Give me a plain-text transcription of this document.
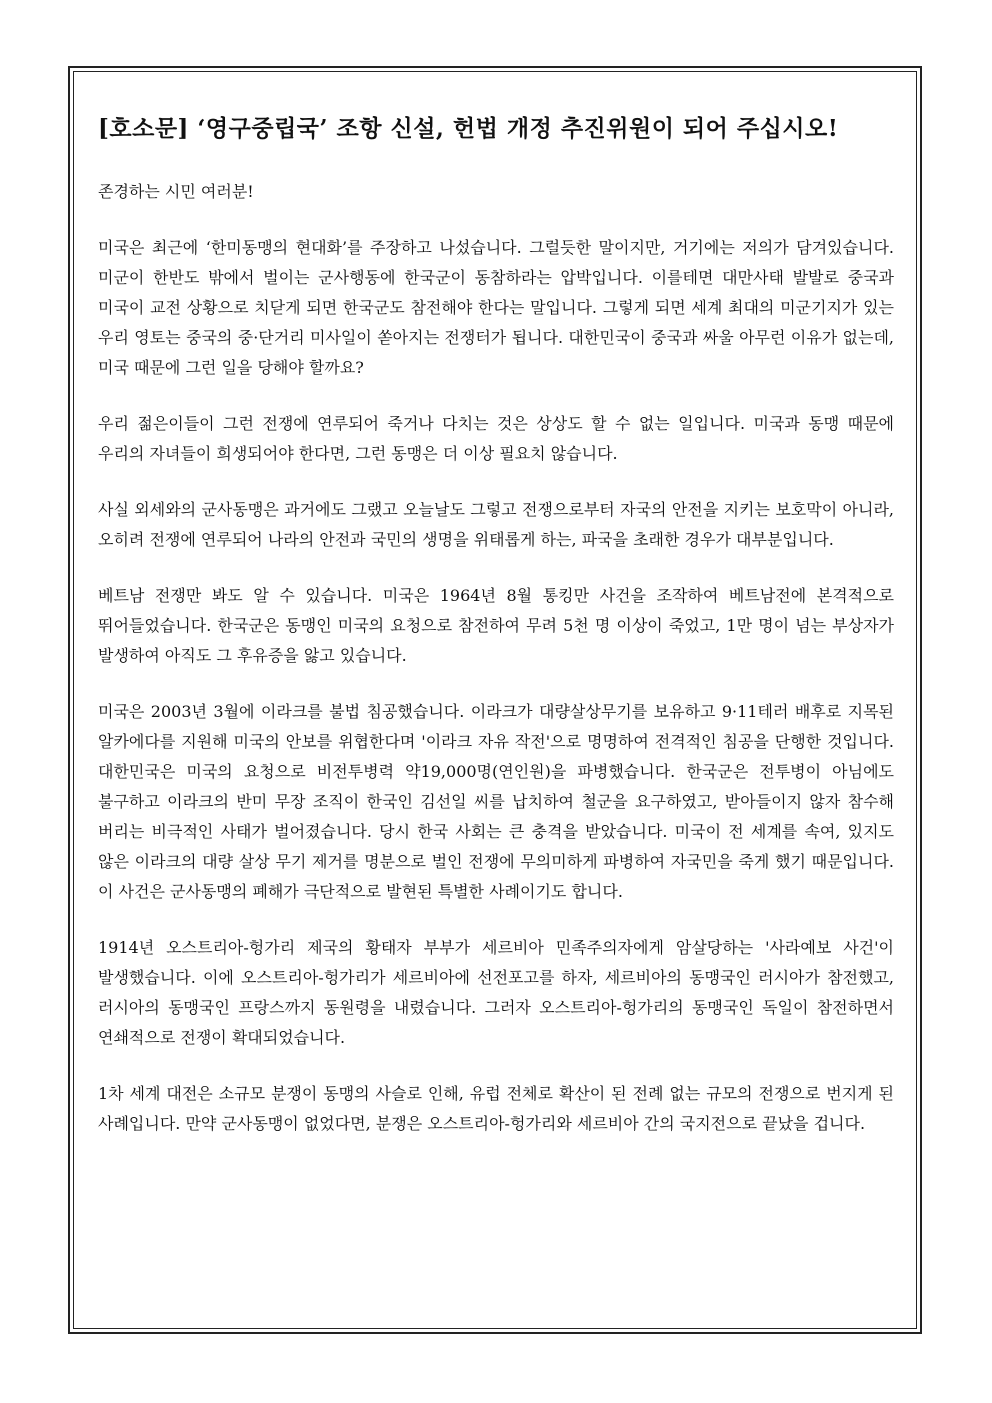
[호소문] ‘영구중립국’ 조항 신설, 헌법 개정 추진위원이 되어 주십시오!

존경하는 시민 여러분!

미국은 최근에 ‘한미동맹의 현대화’를 주장하고 나섰습니다. 그럴듯한 말이지만, 거기에는 저의가 담겨있습니다. 미군이 한반도 밖에서 벌이는 군사행동에 한국군이 동참하라는 압박입니다. 이를테면 대만사태 발발로 중국과 미국이 교전 상황으로 치닫게 되면 한국군도 참전해야 한다는 말입니다. 그렇게 되면 세계 최대의 미군기지가 있는 우리 영토는 중국의 중·단거리 미사일이 쏟아지는 전쟁터가 됩니다. 대한민국이 중국과 싸울 아무런 이유가 없는데, 미국 때문에 그런 일을 당해야 할까요?

우리 젊은이들이 그런 전쟁에 연루되어 죽거나 다치는 것은 상상도 할 수 없는 일입니다. 미국과 동맹 때문에 우리의 자녀들이 희생되어야 한다면, 그런 동맹은 더 이상 필요치 않습니다.

사실 외세와의 군사동맹은 과거에도 그랬고 오늘날도 그렇고 전쟁으로부터 자국의 안전을 지키는 보호막이 아니라, 오히려 전쟁에 연루되어 나라의 안전과 국민의 생명을 위태롭게 하는, 파국을 초래한 경우가 대부분입니다.

베트남 전쟁만 봐도 알 수 있습니다. 미국은 1964년 8월 통킹만 사건을 조작하여 베트남전에 본격적으로 뛰어들었습니다. 한국군은 동맹인 미국의 요청으로 참전하여 무려 5천 명 이상이 죽었고, 1만 명이 넘는 부상자가 발생하여 아직도 그 후유증을 앓고 있습니다.

미국은 2003년 3월에 이라크를 불법 침공했습니다. 이라크가 대량살상무기를 보유하고 9·11테러 배후로 지목된 알카에다를 지원해 미국의 안보를 위협한다며 '이라크 자유 작전'으로 명명하여 전격적인 침공을 단행한 것입니다. 대한민국은 미국의 요청으로 비전투병력 약19,000명(연인원)을 파병했습니다. 한국군은 전투병이 아님에도 불구하고 이라크의 반미 무장 조직이 한국인 김선일 씨를 납치하여 철군을 요구하였고, 받아들이지 않자 참수해 버리는 비극적인 사태가 벌어졌습니다. 당시 한국 사회는 큰 충격을 받았습니다. 미국이 전 세계를 속여, 있지도 않은 이라크의 대량 살상 무기 제거를 명분으로 벌인 전쟁에 무의미하게 파병하여 자국민을 죽게 했기 때문입니다. 이 사건은 군사동맹의 폐해가 극단적으로 발현된 특별한 사례이기도 합니다.

1914년 오스트리아-헝가리 제국의 황태자 부부가 세르비아 민족주의자에게 암살당하는 '사라예보 사건'이 발생했습니다. 이에 오스트리아-헝가리가 세르비아에 선전포고를 하자, 세르비아의 동맹국인 러시아가 참전했고, 러시아의 동맹국인 프랑스까지 동원령을 내렸습니다. 그러자 오스트리아-헝가리의 동맹국인 독일이 참전하면서 연쇄적으로 전쟁이 확대되었습니다.

1차 세계 대전은 소규모 분쟁이 동맹의 사슬로 인해, 유럽 전체로 확산이 된 전례 없는 규모의 전쟁으로 번지게 된 사례입니다. 만약 군사동맹이 없었다면, 분쟁은 오스트리아-헝가리와 세르비아 간의 국지전으로 끝났을 겁니다.
